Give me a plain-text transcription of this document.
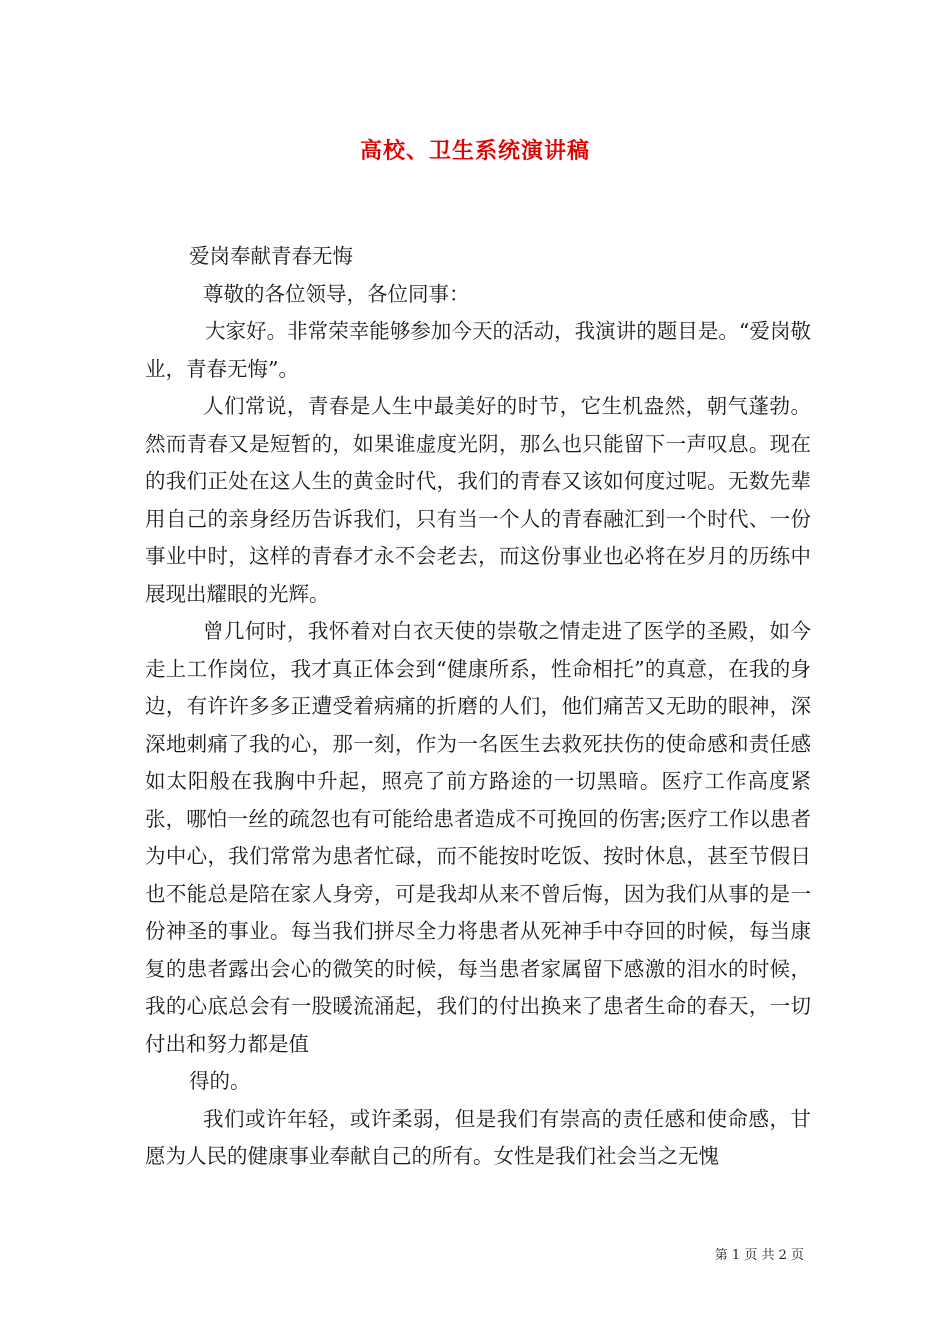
高校、卫生系统演讲稿

爱岗奉献青春无悔

尊敬的各位领导，各位同事：

大家好。非常荣幸能够参加今天的活动，我演讲的题目是。“爱岗敬业，青春无悔”。

人们常说，青春是人生中最美好的时节，它生机盎然，朝气蓬勃。然而青春又是短暂的，如果谁虚度光阴，那么也只能留下一声叹息。现在的我们正处在这人生的黄金时代，我们的青春又该如何度过呢。无数先辈用自己的亲身经历告诉我们，只有当一个人的青春融汇到一个时代、一份事业中时，这样的青春才永不会老去，而这份事业也必将在岁月的历练中展现出耀眼的光辉。

曾几何时，我怀着对白衣天使的崇敬之情走进了医学的圣殿，如今走上工作岗位，我才真正体会到“健康所系，性命相托”的真意，在我的身边，有许许多多正遭受着病痛的折磨的人们，他们痛苦又无助的眼神，深深地刺痛了我的心，那一刻，作为一名医生去救死扶伤的使命感和责任感如太阳般在我胸中升起，照亮了前方路途的一切黑暗。医疗工作高度紧张，哪怕一丝的疏忽也有可能给患者造成不可挽回的伤害;医疗工作以患者为中心，我们常常为患者忙碌，而不能按时吃饭、按时休息，甚至节假日也不能总是陪在家人身旁，可是我却从来不曾后悔，因为我们从事的是一份神圣的事业。每当我们拼尽全力将患者从死神手中夺回的时候，每当康复的患者露出会心的微笑的时候，每当患者家属留下感激的泪水的时候，我的心底总会有一股暖流涌起，我们的付出换来了患者生命的春天，一切付出和努力都是值

得的。

我们或许年轻，或许柔弱，但是我们有崇高的责任感和使命感，甘愿为人民的健康事业奉献自己的所有。女性是我们社会当之无愧

第 1 页 共 2 页
